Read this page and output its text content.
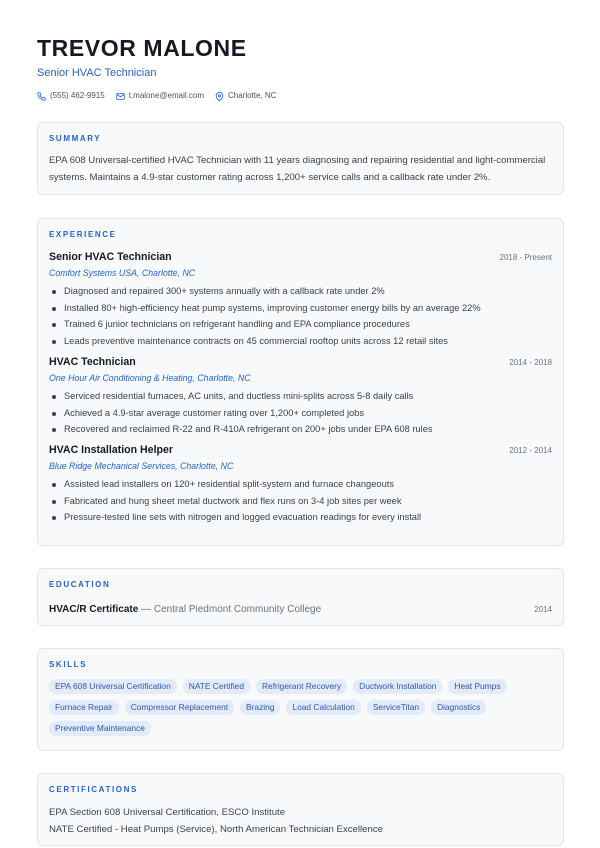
TREVOR MALONE
Senior HVAC Technician
(555) 462-9915	t.malone@email.com	Charlotte, NC
SUMMARY
EPA 608 Universal-certified HVAC Technician with 11 years diagnosing and repairing residential and light-commercial systems. Maintains a 4.9-star customer rating across 1,200+ service calls and a callback rate under 2%.
EXPERIENCE
Senior HVAC Technician	2018 - Present
Comfort Systems USA, Charlotte, NC
Diagnosed and repaired 300+ systems annually with a callback rate under 2%
Installed 80+ high-efficiency heat pump systems, improving customer energy bills by an average 22%
Trained 6 junior technicians on refrigerant handling and EPA compliance procedures
Leads preventive maintenance contracts on 45 commercial rooftop units across 12 retail sites
HVAC Technician	2014 - 2018
One Hour Air Conditioning & Heating, Charlotte, NC
Serviced residential furnaces, AC units, and ductless mini-splits across 5-8 daily calls
Achieved a 4.9-star average customer rating over 1,200+ completed jobs
Recovered and reclaimed R-22 and R-410A refrigerant on 200+ jobs under EPA 608 rules
HVAC Installation Helper	2012 - 2014
Blue Ridge Mechanical Services, Charlotte, NC
Assisted lead installers on 120+ residential split-system and furnace changeouts
Fabricated and hung sheet metal ductwork and flex runs on 3-4 job sites per week
Pressure-tested line sets with nitrogen and logged evacuation readings for every install
EDUCATION
HVAC/R Certificate — Central Piedmont Community College	2014
SKILLS
EPA 608 Universal Certification	NATE Certified	Refrigerant Recovery	Ductwork Installation	Heat Pumps
Furnace Repair	Compressor Replacement	Brazing	Load Calculation	ServiceTitan	Diagnostics
Preventive Maintenance
CERTIFICATIONS
EPA Section 608 Universal Certification, ESCO Institute
NATE Certified - Heat Pumps (Service), North American Technician Excellence
